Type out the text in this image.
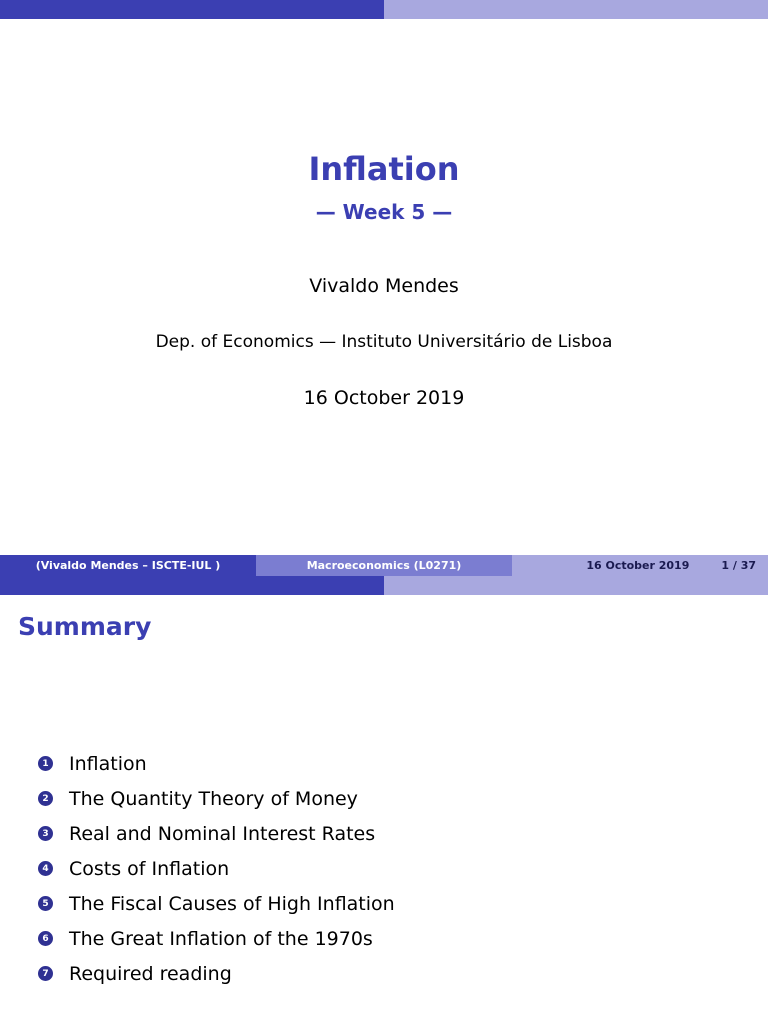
Inflation
— Week 5 —
Vivaldo Mendes
Dep. of Economics — Instituto Universitário de Lisboa
16 October 2019
(Vivaldo Mendes – ISCTE-IUL )	Macroeconomics (L0271)	16 October 2019	1 / 37
Summary
1 Inflation
2 The Quantity Theory of Money
3 Real and Nominal Interest Rates
4 Costs of Inflation
5 The Fiscal Causes of High Inflation
6 The Great Inflation of the 1970s
7 Required reading
